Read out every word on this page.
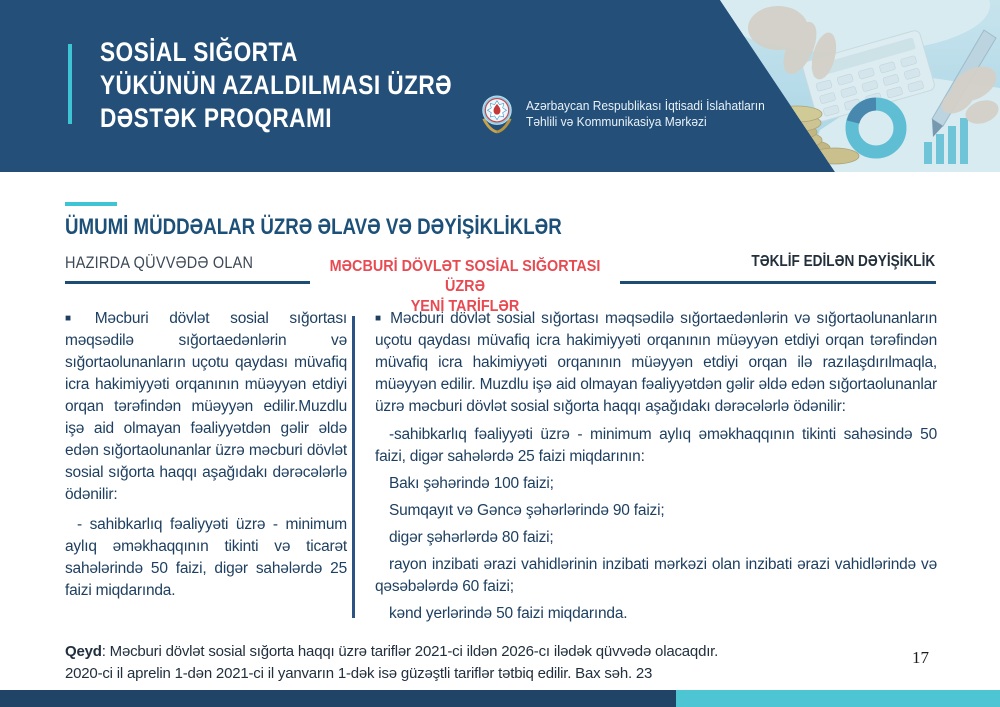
SOSİAL SIĞORTA
YÜKÜNÜN AZALDILMASI ÜZRƏ
DƏSTƏK PROQRAMI	Azərbaycan Respublikası İqtisadi İslahatların
Təhlili və Kommunikasiya Mərkəzi
ÜMUMİ MÜDDƏALAR ÜZRƏ ƏLAVƏ VƏ DƏYİŞİKLİKLƏR
HAZIRDA QÜVVƏDƏ OLAN	MƏCBURİ DÖVLƏT SOSİAL SIĞORTASI ÜZRƏ
YENİ TARİFLƏR
TƏKLİF EDİLƏN DƏYİŞİKLİK
■ Məcburi dövlət sosial sığortası məqsədilə sığortaedənlərin və sığortaolunanların uçotu qaydası müvafiq icra hakimiyyəti orqanının müəyyən etdiyi orqan tərəfindən müəyyən edilir.Muzdlu işə aid olmayan fəaliyyətdən gəlir əldə edən sığortaolunanlar üzrə məcburi dövlət sosial sığorta haqqı aşağıdakı dərəcələrlə ödənilir:
- sahibkarlıq fəaliyyəti üzrə - minimum aylıq əməkhaqqının tikinti və ticarət sahələrində 50 faizi, digər sahələrdə 25 faizi miqdarında.
■ Məcburi dövlət sosial sığortası məqsədilə sığortaedənlərin və sığortaolunanların uçotu qaydası müvafiq icra hakimiyyəti orqanının müəyyən etdiyi orqan tərəfindən müvafiq icra hakimiyyəti orqanının müəyyən etdiyi orqan ilə razılaşdırılmaqla, müəyyən edilir. Muzdlu işə aid olmayan fəaliyyətdən gəlir əldə edən sığortaolunanlar üzrə məcburi dövlət sosial sığorta haqqı aşağıdakı dərəcələrlə ödənilir:
-sahibkarlıq fəaliyyəti üzrə - minimum aylıq əməkhaqqının tikinti sahəsində 50 faizi, digər sahələrdə 25 faizi miqdarının:
Bakı şəhərində 100 faizi;
Sumqayıt və Gəncə şəhərlərində 90 faizi;
digər şəhərlərdə 80 faizi;
rayon inzibati ərazi vahidlərinin inzibati mərkəzi olan inzibati ərazi vahidlərində və qəsəbələrdə 60 faizi;
kənd yerlərində 50 faizi miqdarında.
Qeyd: Məcburi dövlət sosial sığorta haqqı üzrə tariflər 2021-ci ildən 2026-cı ilədək qüvvədə olacaqdır.
2020-ci il aprelin 1-dən 2021-ci il yanvarın 1-dək isə güzəştli tariflər tətbiq edilir. Bax səh. 23
17
